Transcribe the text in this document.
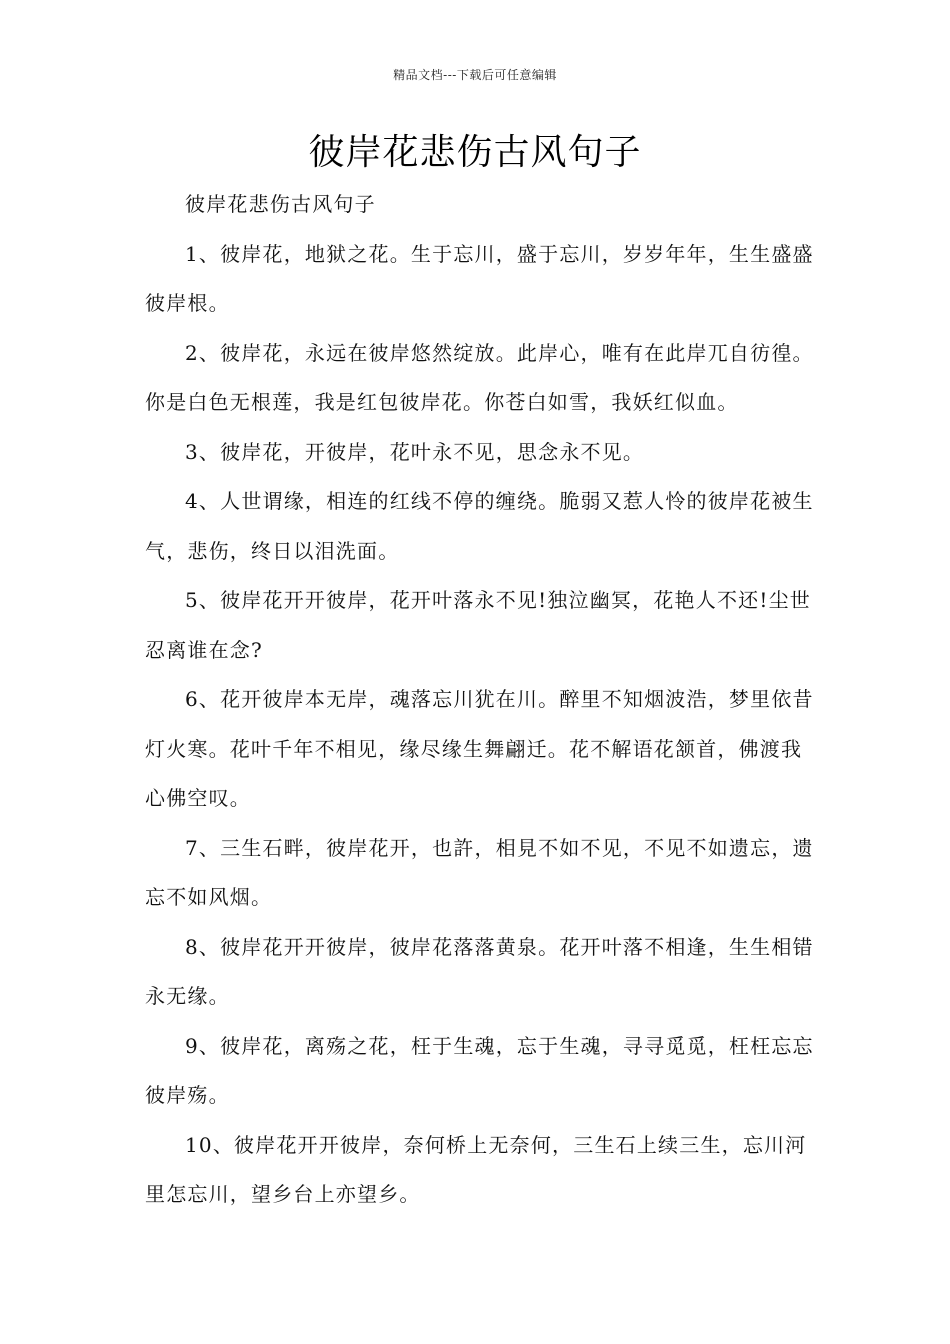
精品文档---下载后可任意编辑
彼岸花悲伤古风句子

彼岸花悲伤古风句子

1、彼岸花，地狱之花。生于忘川，盛于忘川，岁岁年年，生生盛盛彼岸根。

2、彼岸花，永远在彼岸悠然绽放。此岸心，唯有在此岸兀自彷徨。你是白色无根莲，我是红包彼岸花。你苍白如雪，我妖红似血。

3、彼岸花，开彼岸，花叶永不见，思念永不见。

4、人世谓缘，相连的红线不停的缠绕。脆弱又惹人怜的彼岸花被生气，悲伤，终日以泪洗面。

5、彼岸花开开彼岸，花开叶落永不见!独泣幽冥，花艳人不还!尘世忍离谁在念?

6、花开彼岸本无岸，魂落忘川犹在川。醉里不知烟波浩，梦里依昔灯火寒。花叶千年不相见，缘尽缘生舞翩迁。花不解语花颔首，佛渡我心佛空叹。

7、三生石畔，彼岸花开，也許，相見不如不见，不见不如遗忘，遗忘不如风烟。

8、彼岸花开开彼岸，彼岸花落落黄泉。花开叶落不相逢，生生相错永无缘。

9、彼岸花，离殇之花，枉于生魂，忘于生魂，寻寻觅觅，枉枉忘忘彼岸殇。

10、彼岸花开开彼岸，奈何桥上无奈何，三生石上续三生，忘川河里怎忘川，望乡台上亦望乡。
